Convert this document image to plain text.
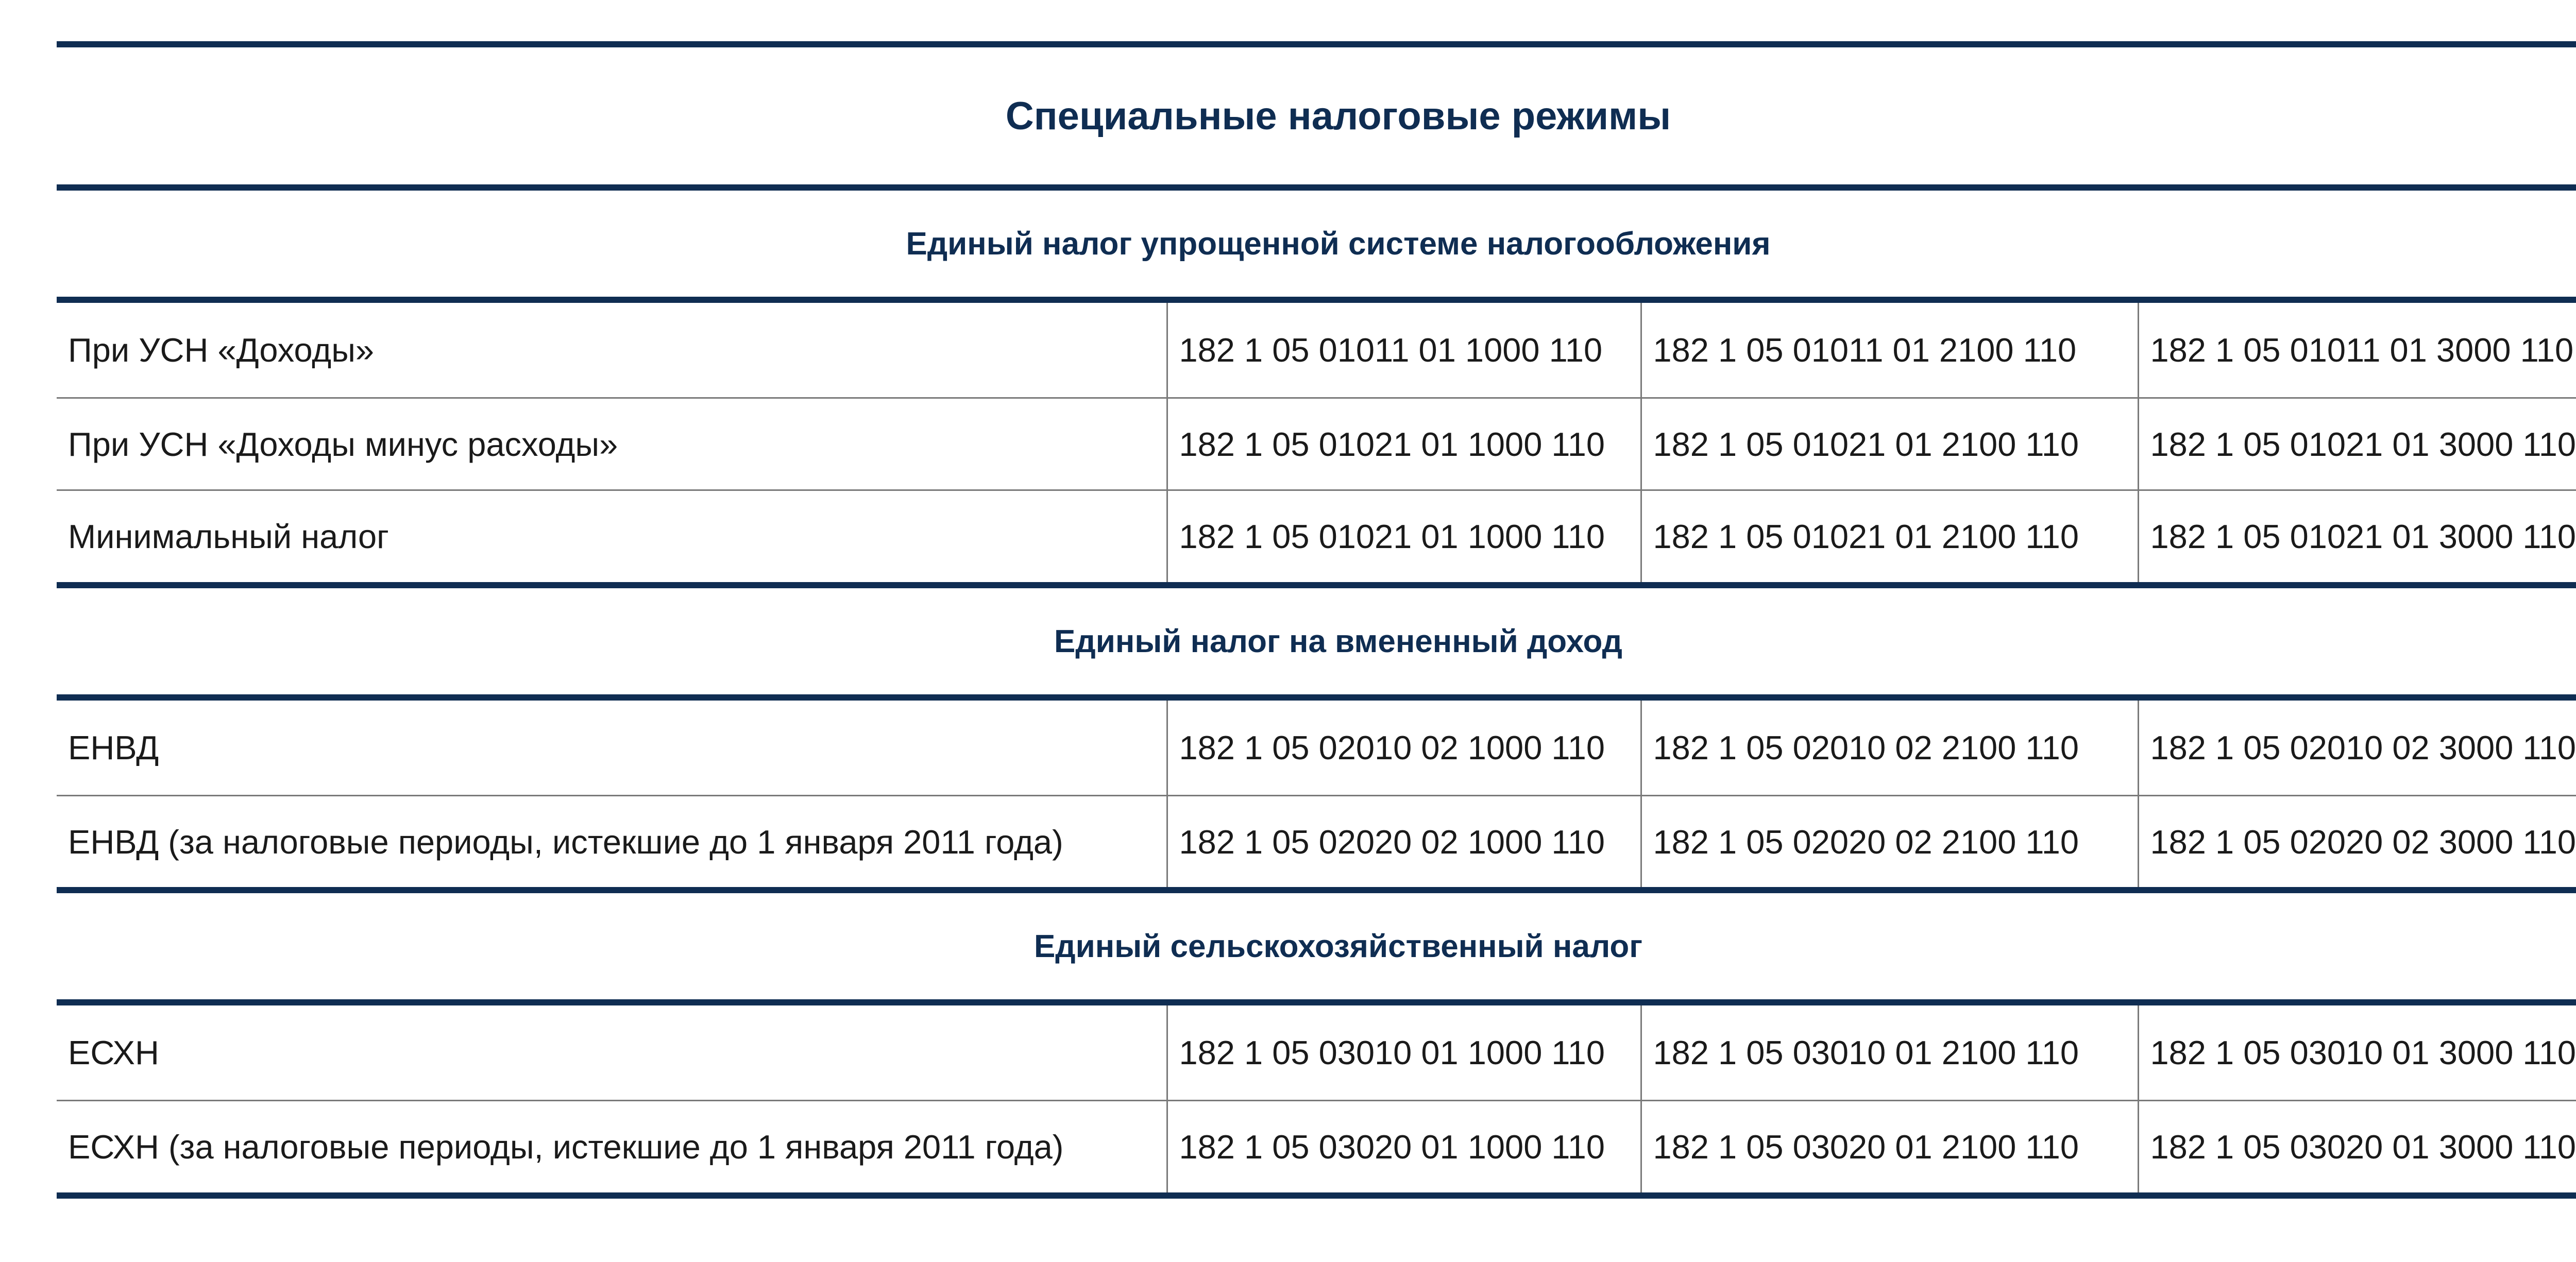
Специальные налоговые режимы			
Единый налог упрощенной системе налогообложения			
При УСН «Доходы»	182 1 05 01011 01 1000 110	182 1 05 01011 01 2100 110	182 1 05 01011 01 3000 110
При УСН «Доходы минус расходы»	182 1 05 01021 01 1000 110	182 1 05 01021 01 2100 110	182 1 05 01021 01 3000 110
Минимальный налог	182 1 05 01021 01 1000 110	182 1 05 01021 01 2100 110	182 1 05 01021 01 3000 110
Единый налог на вмененный доход			
ЕНВД	182 1 05 02010 02 1000 110	182 1 05 02010 02 2100 110	182 1 05 02010 02 3000 110
ЕНВД (за налоговые периоды, истекшие до 1 января 2011 года)	182 1 05 02020 02 1000 110	182 1 05 02020 02 2100 110	182 1 05 02020 02 3000 110
Единый сельскохозяйственный налог			
ЕСХН	182 1 05 03010 01 1000 110	182 1 05 03010 01 2100 110	182 1 05 03010 01 3000 110
ЕСХН (за налоговые периоды, истекшие до 1 января 2011 года)	182 1 05 03020 01 1000 110	182 1 05 03020 01 2100 110	182 1 05 03020 01 3000 110
